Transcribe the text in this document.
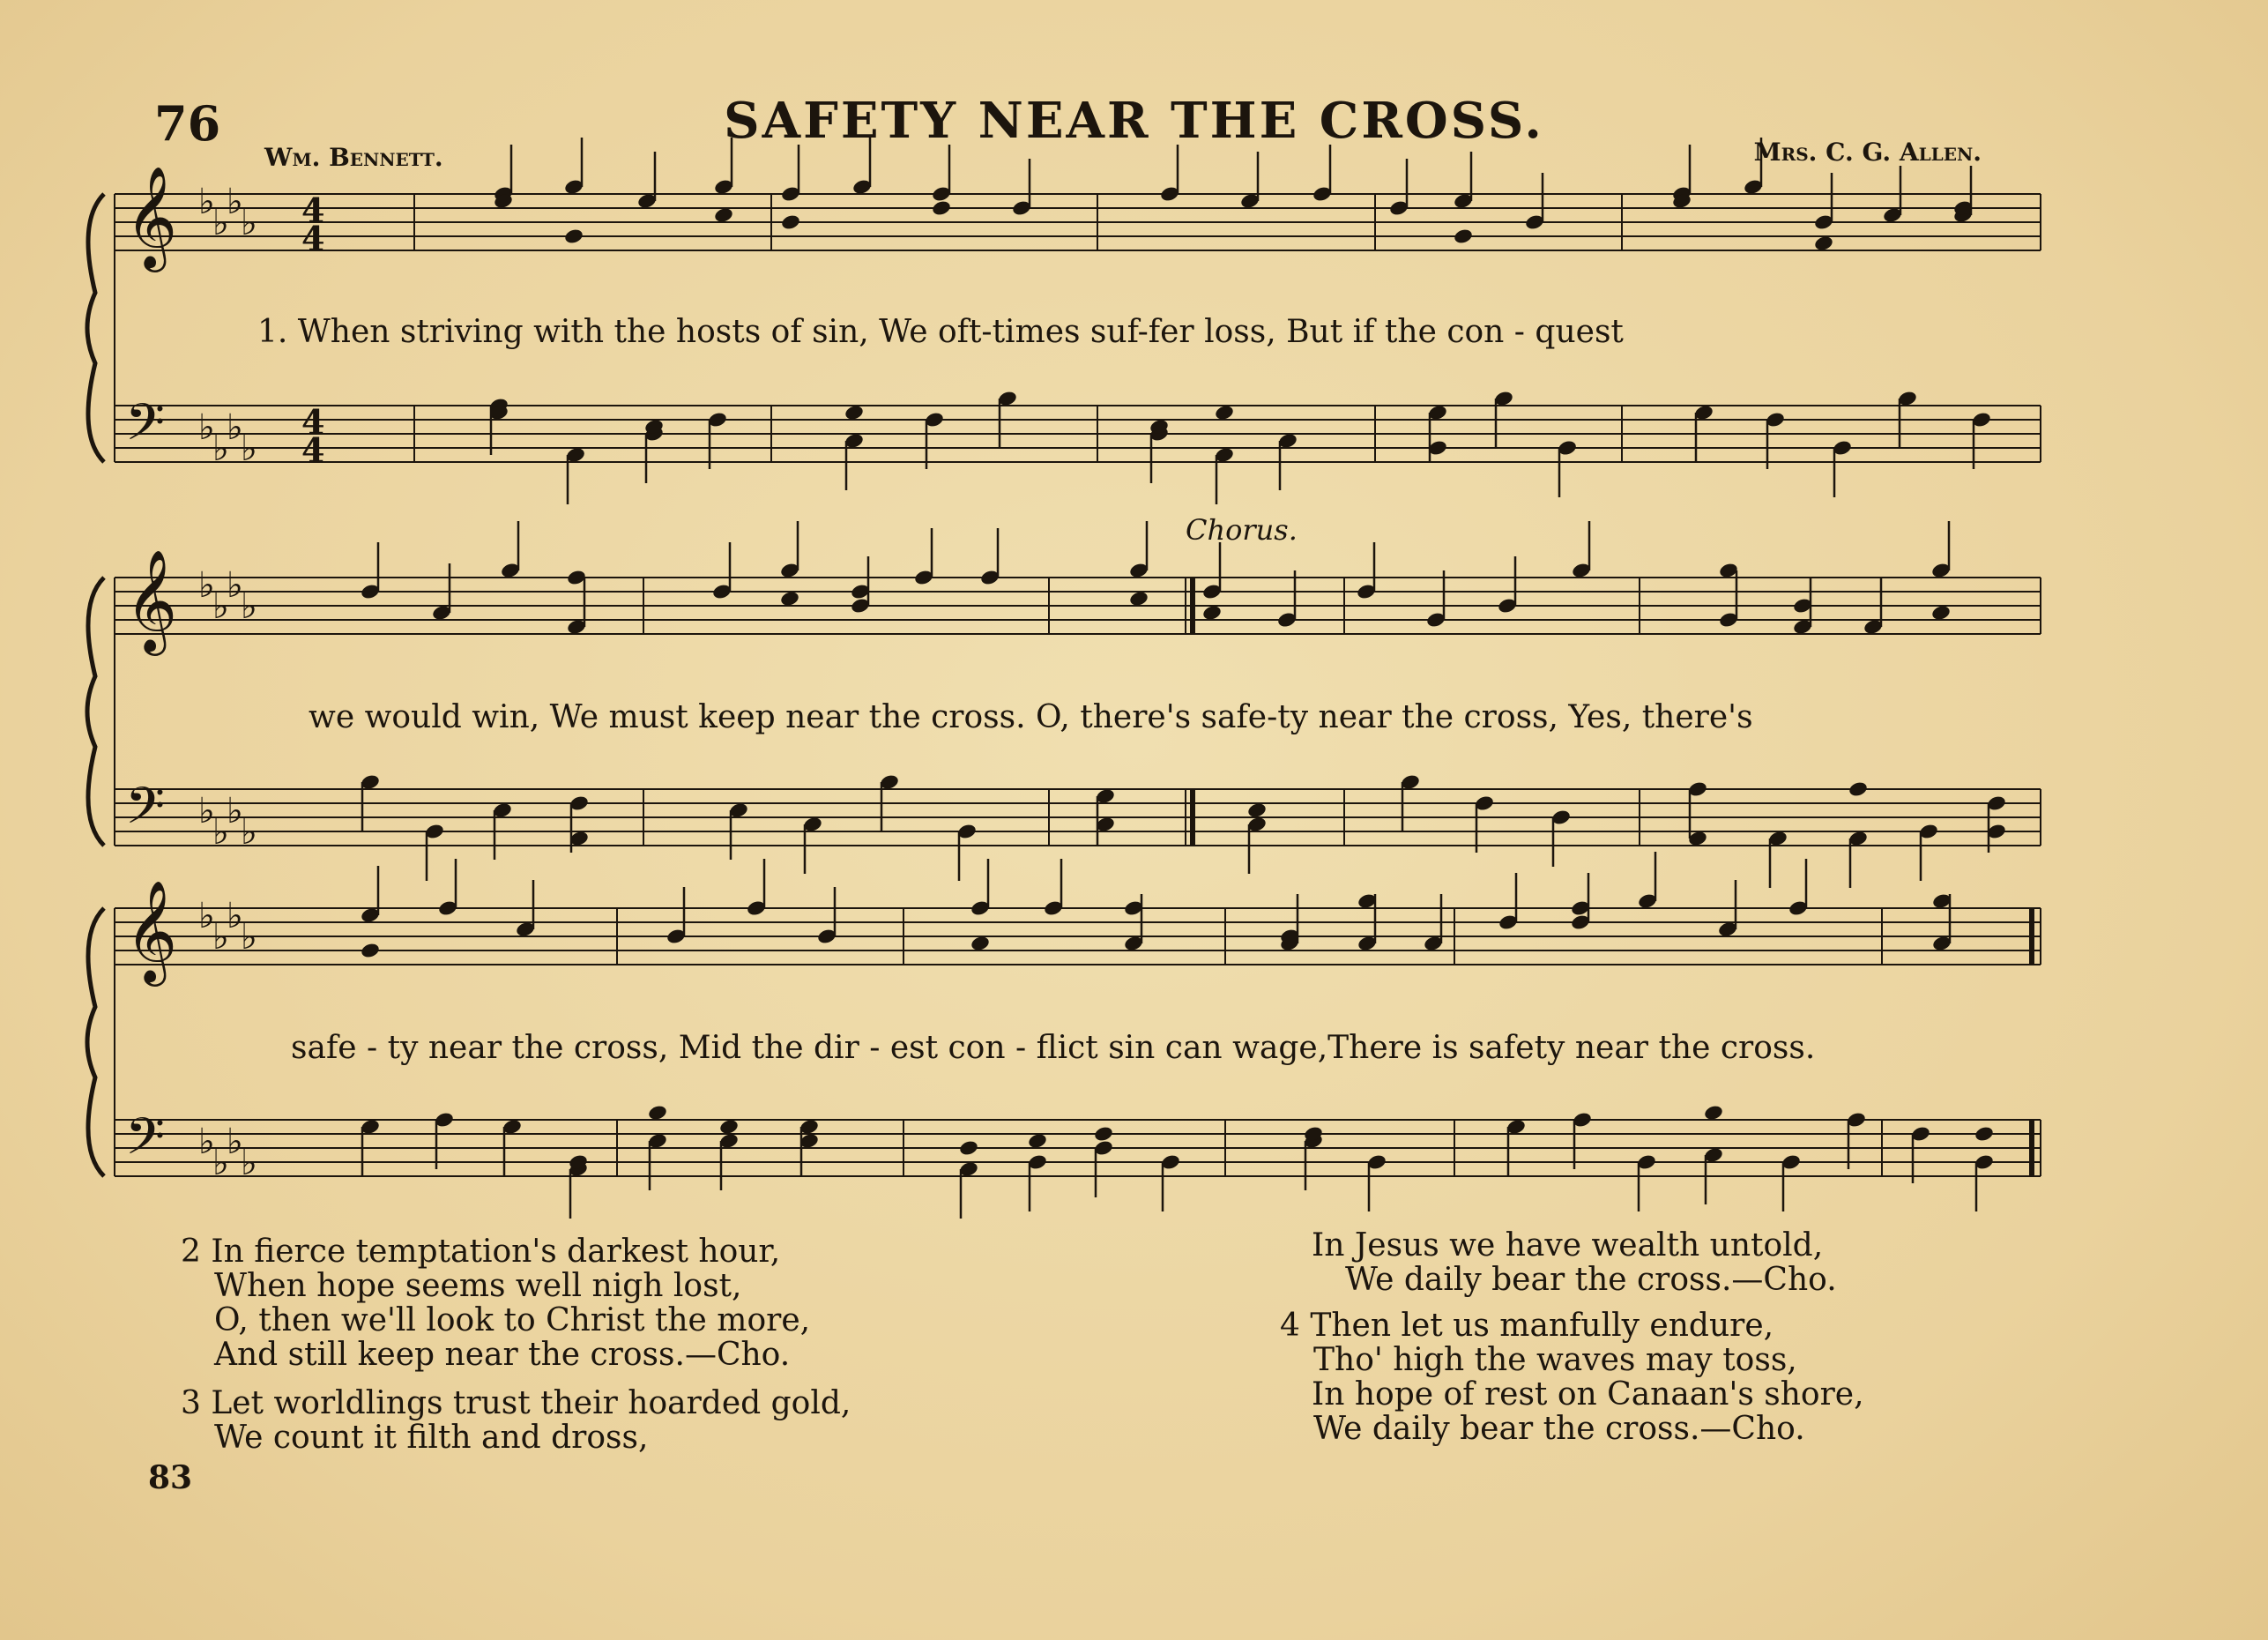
76	SAFETY NEAR THE CROSS.
Wm. Bennett.	Mrs. C. G. Allen.
𝄞 ♭
♭
♭
♭ 4
4
𝄢 ♭
♭
♭
♭
4
4
𝄞 ♭
♭
♭
♭
𝄢 ♭
♭
♭
♭
𝄞 ♭
♭
♭
♭
𝄢 ♭
♭
♭
♭
1. When striving with the hosts of sin, We oft-times suf-fer loss, But if the con - quest
Chorus.
we would win, We must keep near the cross. O, there's safe-ty near the cross, Yes, there's
safe - ty near the cross, Mid the dir - est con - flict sin can wage,There is safety near the cross.
2 In fierce temptation's darkest hour,
When hope seems well nigh lost,
O, then we'll look to Christ the more,
And still keep near the cross.—Cho.
3 Let worldlings trust their hoarded gold,
We count it filth and dross,
In Jesus we have wealth untold,
We daily bear the cross.—Cho.
4 Then let us manfully endure,
Tho' high the waves may toss,
In hope of rest on Canaan's shore,
We daily bear the cross.—Cho.
83
